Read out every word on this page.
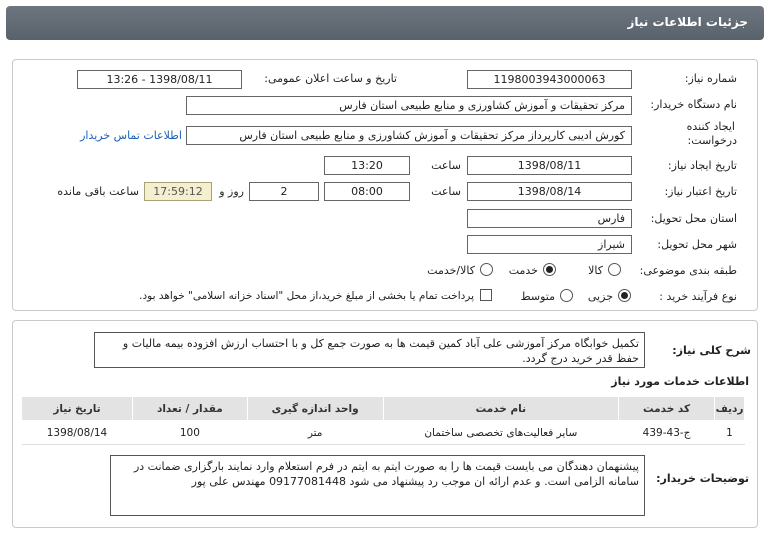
جزئیات اطلاعات نیاز
شماره نیاز:
1198003943000063
تاریخ و ساعت اعلان عمومی:
1398/08/11 - 13:26
نام دستگاه خریدار:
مرکز تحقیقات و آموزش کشاورزی و منابع طبیعی استان فارس
ایجاد کننده
درخواست:
کورش ادیبی کارپرداز مرکز تحقیقات و آموزش کشاورزی و منابع طبیعی استان فارس
اطلاعات تماس خریدار
تاریخ ایجاد نیاز:
1398/08/11
ساعت
13:20
تاریخ اعتبار نیاز:
1398/08/14
ساعت
08:00
2
روز و
17:59:12
ساعت باقی مانده
استان محل تحویل:
فارس
شهر محل تحویل:
شیراز
طبقه بندی موضوعی:
کالا
خدمت
کالا/خدمت
نوع فرآیند خرید :
جزیی
متوسط
پرداخت تمام یا بخشی از مبلغ خرید،از محل "اسناد خزانه اسلامی" خواهد بود.
شرح کلی نیاز:
تکمیل خوابگاه مرکز آموزشی علی آباد کمین قیمت ها به صورت جمع کل و با احتساب ارزش افزوده بیمه مالیات و حفظ قدر خرید درج گردد.
اطلاعات خدمات مورد نیاز
ردیف	کد خدمت	نام خدمت	واحد اندازه گیری	مقدار / تعداد	تاریخ نیاز
1	ج-43-439	سایر فعالیت‌های تخصصی ساختمان	متر	100	1398/08/14
توضیحات خریدار:
پیشنهمان دهندگان می بایست قیمت ها را به صورت ایتم به ایتم در فرم استعلام وارد نمایند بارگزاری ضمانت در سامانه الزامی است. و عدم ارائه ان موجب رد پیشنهاد می شود 09177081448 مهندس علی پور
